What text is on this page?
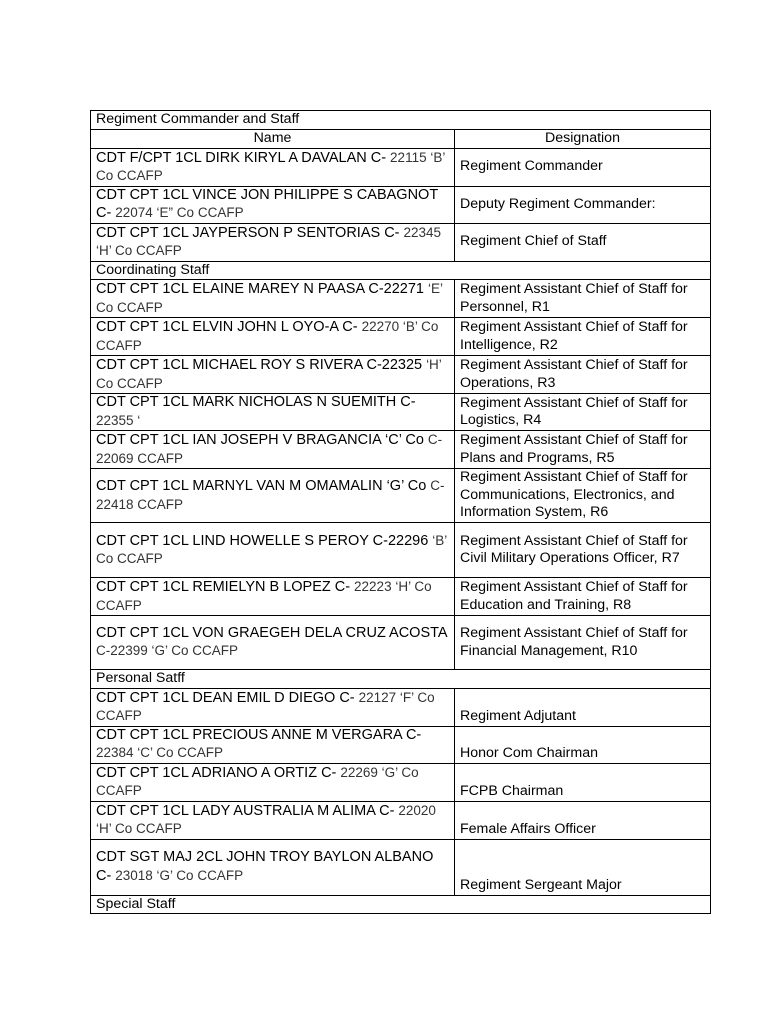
Regiment Commander and Staff	
Name	Designation
CDT F/CPT 1CL DIRK KIRYL A DAVALAN C- 22115 ‘B’ Co CCAFP	Regiment Commander
CDT CPT 1CL VINCE JON PHILIPPE S CABAGNOT C- 22074 ‘E” Co CCAFP	Deputy Regiment Commander:
CDT CPT 1CL JAYPERSON P SENTORIAS C- 22345 ‘H’ Co CCAFP	Regiment Chief of Staff
Coordinating Staff	
CDT CPT 1CL ELAINE MAREY N PAASA C-22271 ‘E’ Co CCAFP	Regiment Assistant Chief of Staff for Personnel, R1
CDT CPT 1CL ELVIN JOHN L OYO-A C- 22270 ‘B’ Co CCAFP	Regiment Assistant Chief of Staff for Intelligence, R2
CDT CPT 1CL MICHAEL ROY S RIVERA C-22325 ‘H’ Co CCAFP	Regiment Assistant Chief of Staff for Operations, R3
CDT CPT 1CL MARK NICHOLAS N SUEMITH C- 22355 ‘	Regiment Assistant Chief of Staff for Logistics, R4
CDT CPT 1CL IAN JOSEPH V BRAGANCIA ‘C’ Co C-22069 CCAFP	Regiment Assistant Chief of Staff for Plans and Programs, R5
CDT CPT 1CL MARNYL VAN M OMAMALIN ‘G’ Co C-22418 CCAFP	Regiment Assistant Chief of Staff for Communications, Electronics, and Information System, R6
CDT CPT 1CL LIND HOWELLE S PEROY C-22296 ‘B’ Co CCAFP	Regiment Assistant Chief of Staff for Civil Military Operations Officer, R7
CDT CPT 1CL REMIELYN B LOPEZ C- 22223 ‘H’ Co CCAFP	Regiment Assistant Chief of Staff for Education and Training, R8
CDT CPT 1CL VON GRAEGEH DELA CRUZ ACOSTA C-22399 ‘G’ Co CCAFP	Regiment Assistant Chief of Staff for Financial Management, R10
Personal Satff	
CDT CPT 1CL DEAN EMIL D DIEGO C- 22127 ‘F’ Co CCAFP	Regiment Adjutant
CDT CPT 1CL PRECIOUS ANNE M VERGARA C- 22384 ‘C’ Co CCAFP	Honor Com Chairman
CDT CPT 1CL ADRIANO A ORTIZ C- 22269 ‘G’ Co CCAFP	FCPB Chairman
CDT CPT 1CL LADY AUSTRALIA M ALIMA C- 22020 ‘H’ Co CCAFP	Female Affairs Officer
CDT SGT MAJ 2CL JOHN TROY BAYLON ALBANO C- 23018 ‘G’ Co CCAFP	Regiment Sergeant Major
Special Staff	
